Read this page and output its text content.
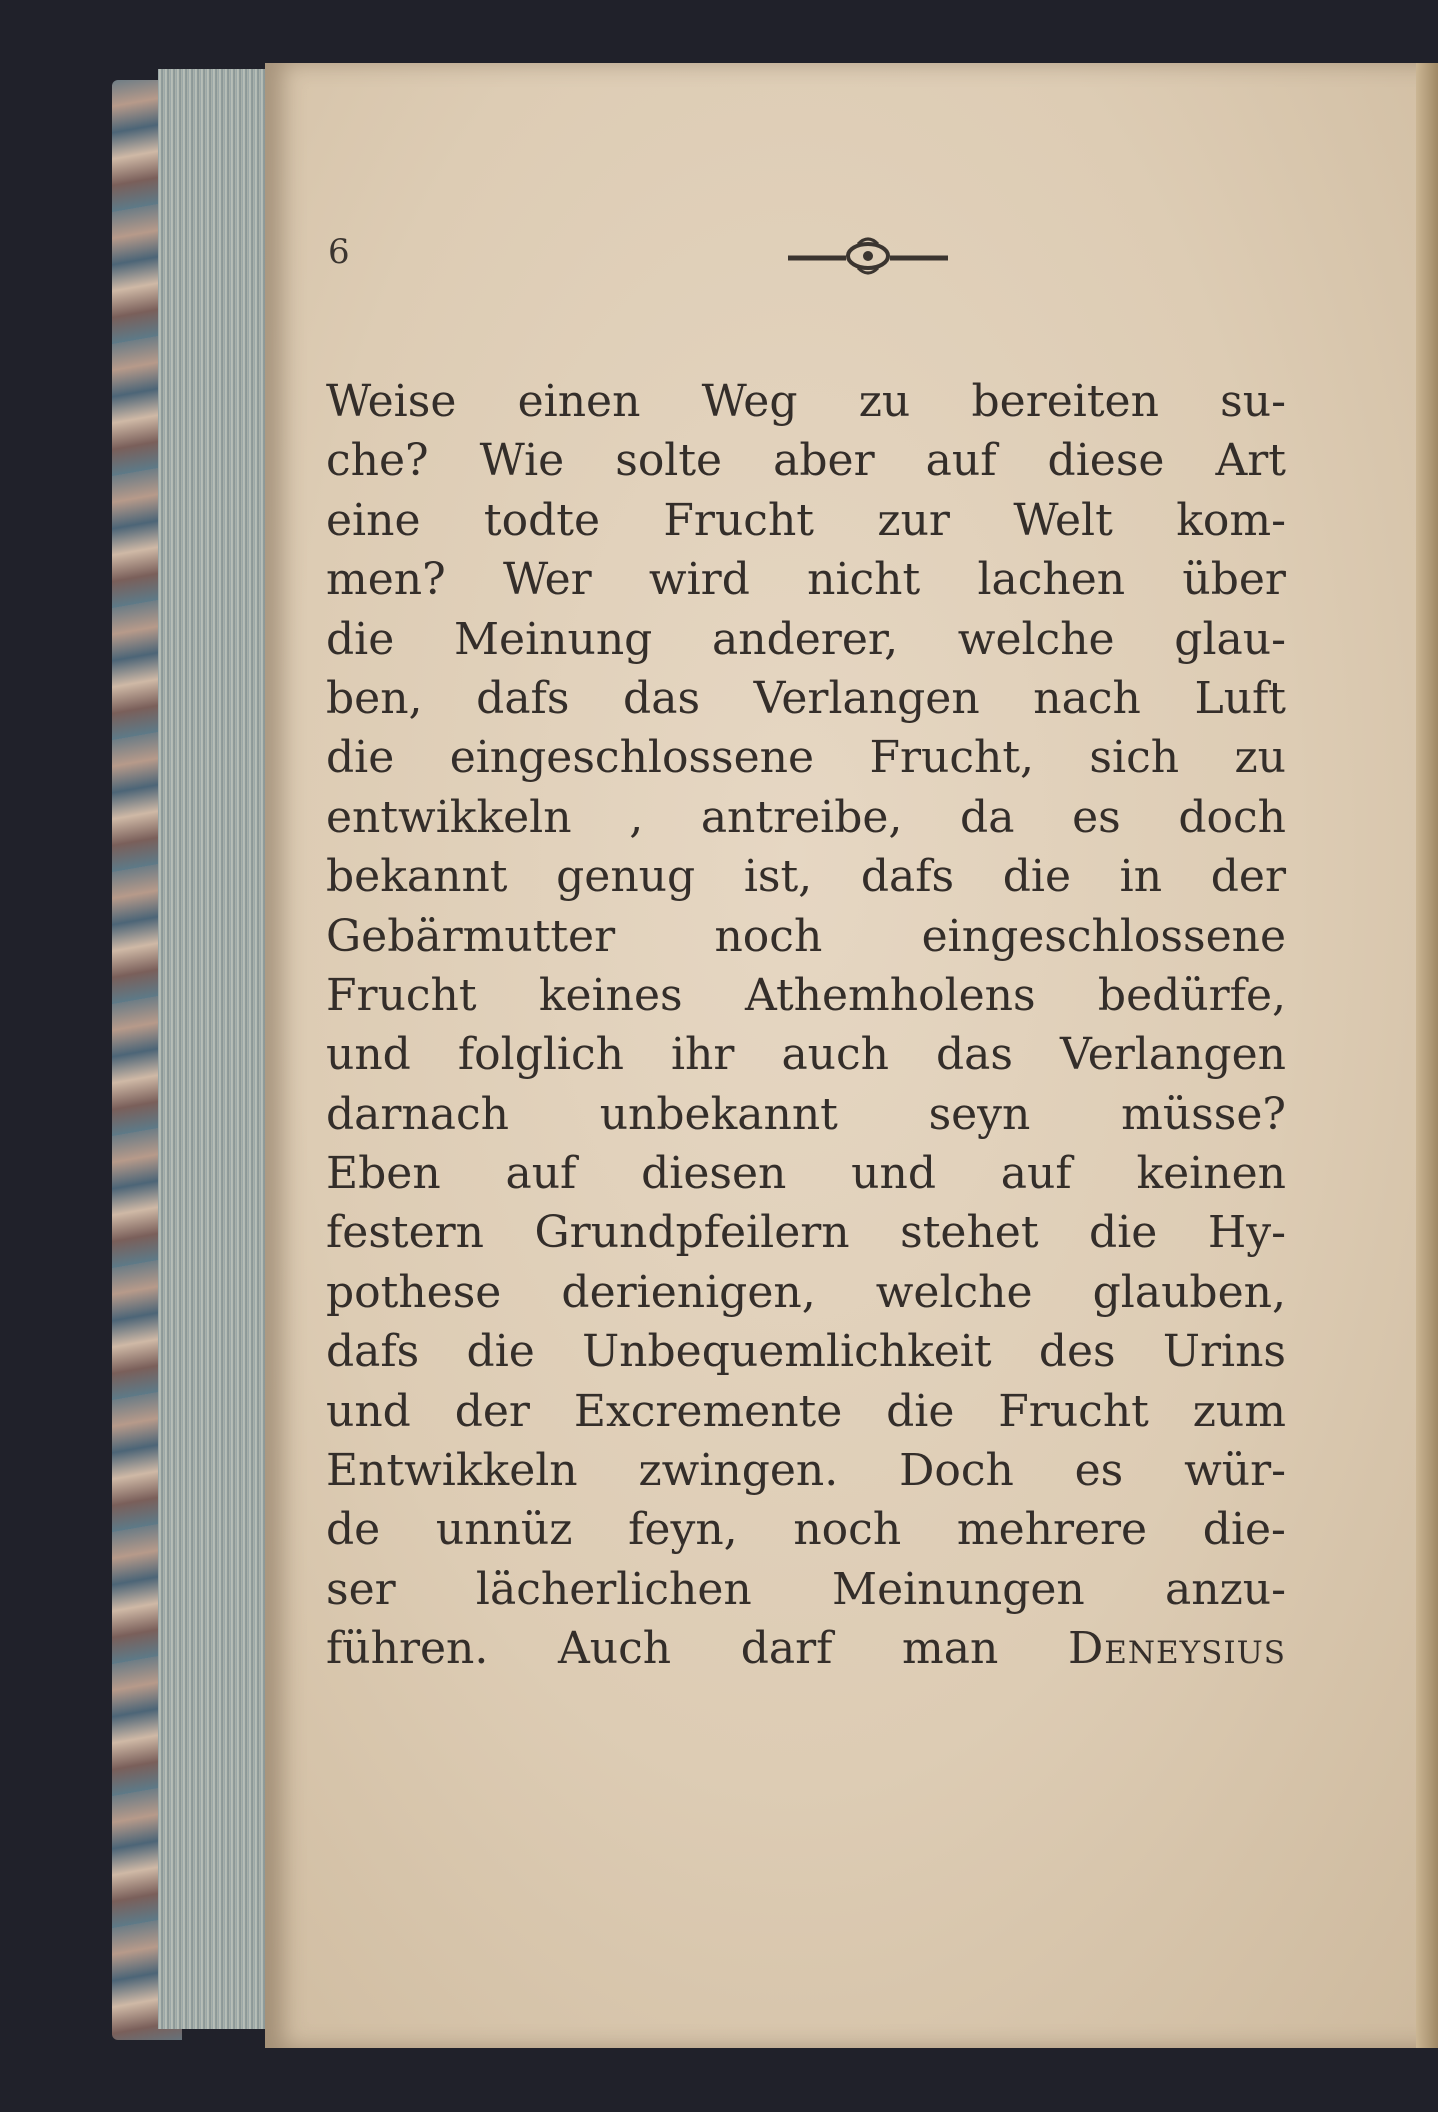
6
Weise einen Weg zu bereiten su-
che? Wie solte aber auf diese Art
eine todte Frucht zur Welt kom-
men? Wer wird nicht lachen über
die Meinung anderer, welche glau-
ben, dafs das Verlangen nach Luft
die eingeschlossene Frucht, sich zu
entwikkeln , antreibe, da es doch
bekannt genug ist, dafs die in der
Gebärmutter noch eingeschlossene
Frucht keines Athemholens bedürfe,
und folglich ihr auch das Verlangen
darnach unbekannt seyn müsse?
Eben auf diesen und auf keinen
festern Grundpfeilern stehet die Hy-
pothese derienigen, welche glauben,
dafs die Unbequemlichkeit des Urins
und der Excremente die Frucht zum
Entwikkeln zwingen. Doch es wür-
de unnüz feyn, noch mehrere die-
ser lächerlichen Meinungen anzu-
führen. Auch darf man Deneysius
